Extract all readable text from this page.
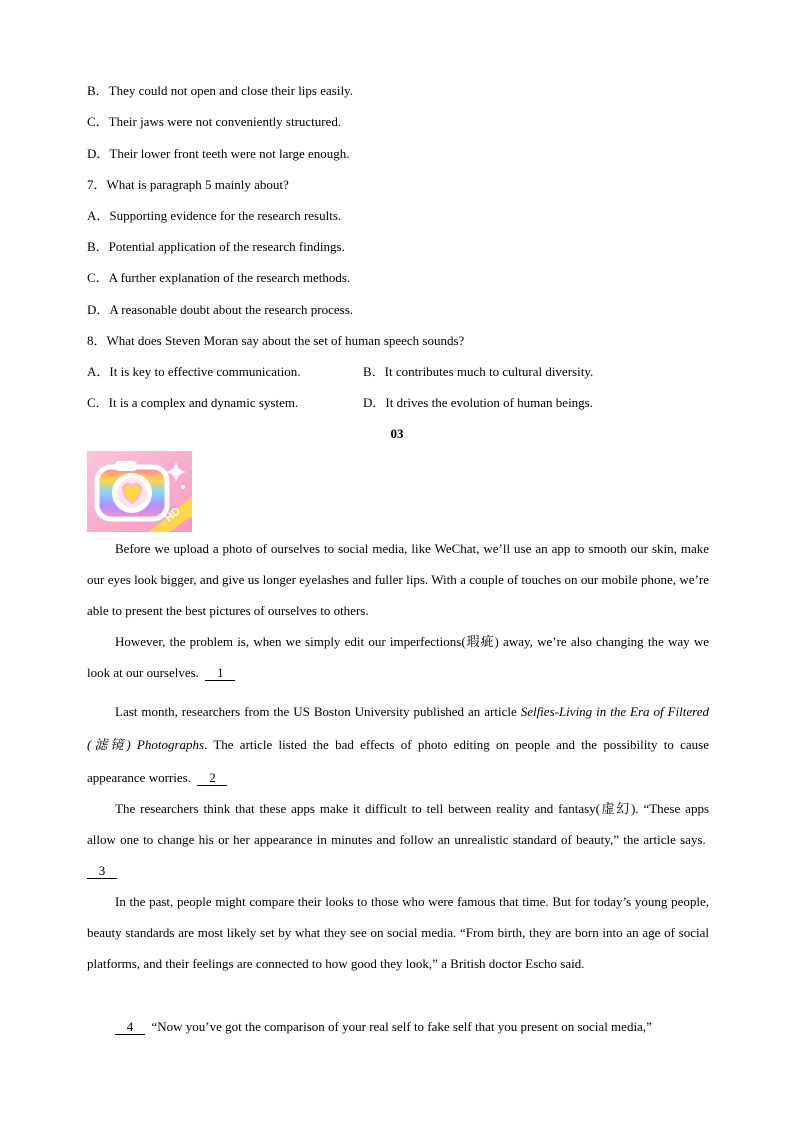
B．They could not open and close their lips easily.
C．Their jaws were not conveniently structured.
D．Their lower front teeth were not large enough.
7．What is paragraph 5 mainly about?
A．Supporting evidence for the research results.
B．Potential application of the research findings.
C．A further explanation of the research methods.
D．A reasonable doubt about the research process.
8．What does Steven Moran say about the set of human speech sounds?
A．It is key to effective communication.	B．It contributes much to cultural diversity.
C．It is a complex and dynamic system.	D．It drives the evolution of human beings.
03
HD

Before we upload a photo of ourselves to social media, like WeChat, we’ll use an app to smooth our skin, make our eyes look bigger, and give us longer eyelashes and fuller lips. With a couple of touches on our mobile phone, we’re able to present the best pictures of ourselves to others.

However, the problem is, when we simply edit our imperfections(瑕疵) away, we’re also changing the way we look at our ourselves. 1

Last month, researchers from the US Boston University published an article Selfies-Living in the Era of Filtered (滤镜) Photographs. The article listed the bad effects of photo editing on people and the possibility to cause appearance worries. 2

The researchers think that these apps make it difficult to tell between reality and fantasy(虚幻). “These apps allow one to change his or her appearance in minutes and follow an unrealistic standard of beauty,” the article says.  3

In the past, people might compare their looks to those who were famous that time. But for today’s young people, beauty standards are most likely set by what they see on social media. “From birth, they are born into an age of social platforms, and their feelings are connected to how good they look,” a British doctor Escho said.

4 “Now you’ve got the comparison of your real self to fake self that you present on social media,”
